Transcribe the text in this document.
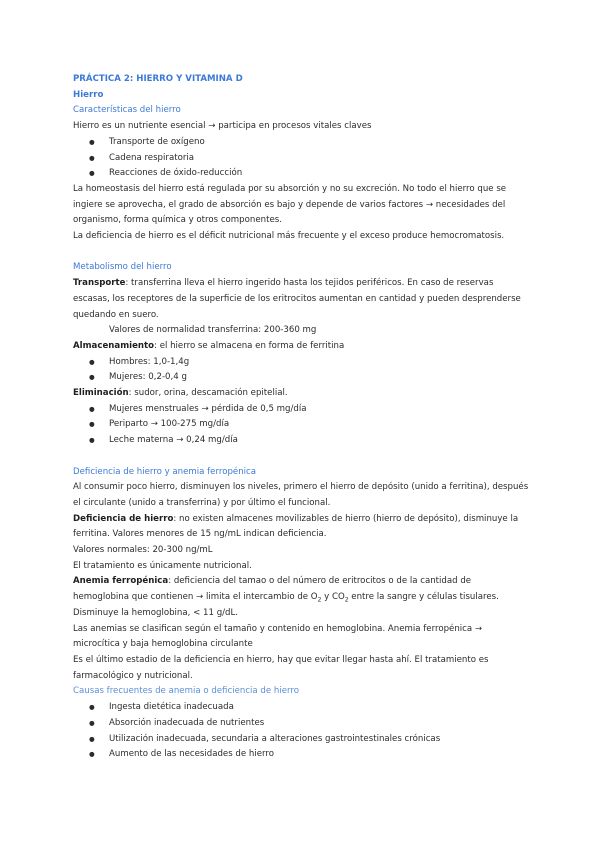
PRÁCTICA 2: HIERRO Y VITAMINA D

Hierro

Características del hierro

Hierro es un nutriente esencial → participa en procesos vitales claves

● Transporte de oxígeno
● Cadena respiratoria
● Reacciones de óxido-reducción

La homeostasis del hierro está regulada por su absorción y no su excreción. No todo el hierro que se ingiere se aprovecha, el grado de absorción es bajo y depende de varios factores → necesidades del organismo, forma química y otros componentes.

La deficiencia de hierro es el déficit nutricional más frecuente y el exceso produce hemocromatosis.

Metabolismo del hierro

Transporte: transferrina lleva el hierro ingerido hasta los tejidos periféricos. En caso de reservas escasas, los receptores de la superficie de los eritrocitos aumentan en cantidad y pueden desprenderse quedando en suero.

Valores de normalidad transferrina: 200-360 mg

Almacenamiento: el hierro se almacena en forma de ferritina

● Hombres: 1,0-1,4g
● Mujeres: 0,2-0,4 g

Eliminación: sudor, orina, descamación epitelial.

● Mujeres menstruales → pérdida de 0,5 mg/día
● Periparto → 100-275 mg/día
● Leche materna → 0,24 mg/día

Deficiencia de hierro y anemia ferropénica

Al consumir poco hierro, disminuyen los niveles, primero el hierro de depósito (unido a ferritina), después el circulante (unido a transferrina) y por último el funcional.

Deficiencia de hierro: no existen almacenes movilizables de hierro (hierro de depósito), disminuye la ferritina. Valores menores de 15 ng/mL indican deficiencia.

Valores normales: 20-300 ng/mL

El tratamiento es únicamente nutricional.

Anemia ferropénica: deficiencia del tamao o del número de eritrocitos o de la cantidad de hemoglobina que contienen → limita el intercambio de $O_2$ y $CO_2$ entre la sangre y células tisulares. Disminuye la hemoglobina, < 11 g/dL.

Las anemias se clasifican según el tamaño y contenido en hemoglobina. Anemia ferropénica → microcítica y baja hemoglobina circulante

Es el último estadio de la deficiencia en hierro, hay que evitar llegar hasta ahí. El tratamiento es farmacológico y nutricional.

Causas frecuentes de anemia o deficiencia de hierro

● Ingesta dietética inadecuada
● Absorción inadecuada de nutrientes
● Utilización inadecuada, secundaria a alteraciones gastrointestinales crónicas
● Aumento de las necesidades de hierro
